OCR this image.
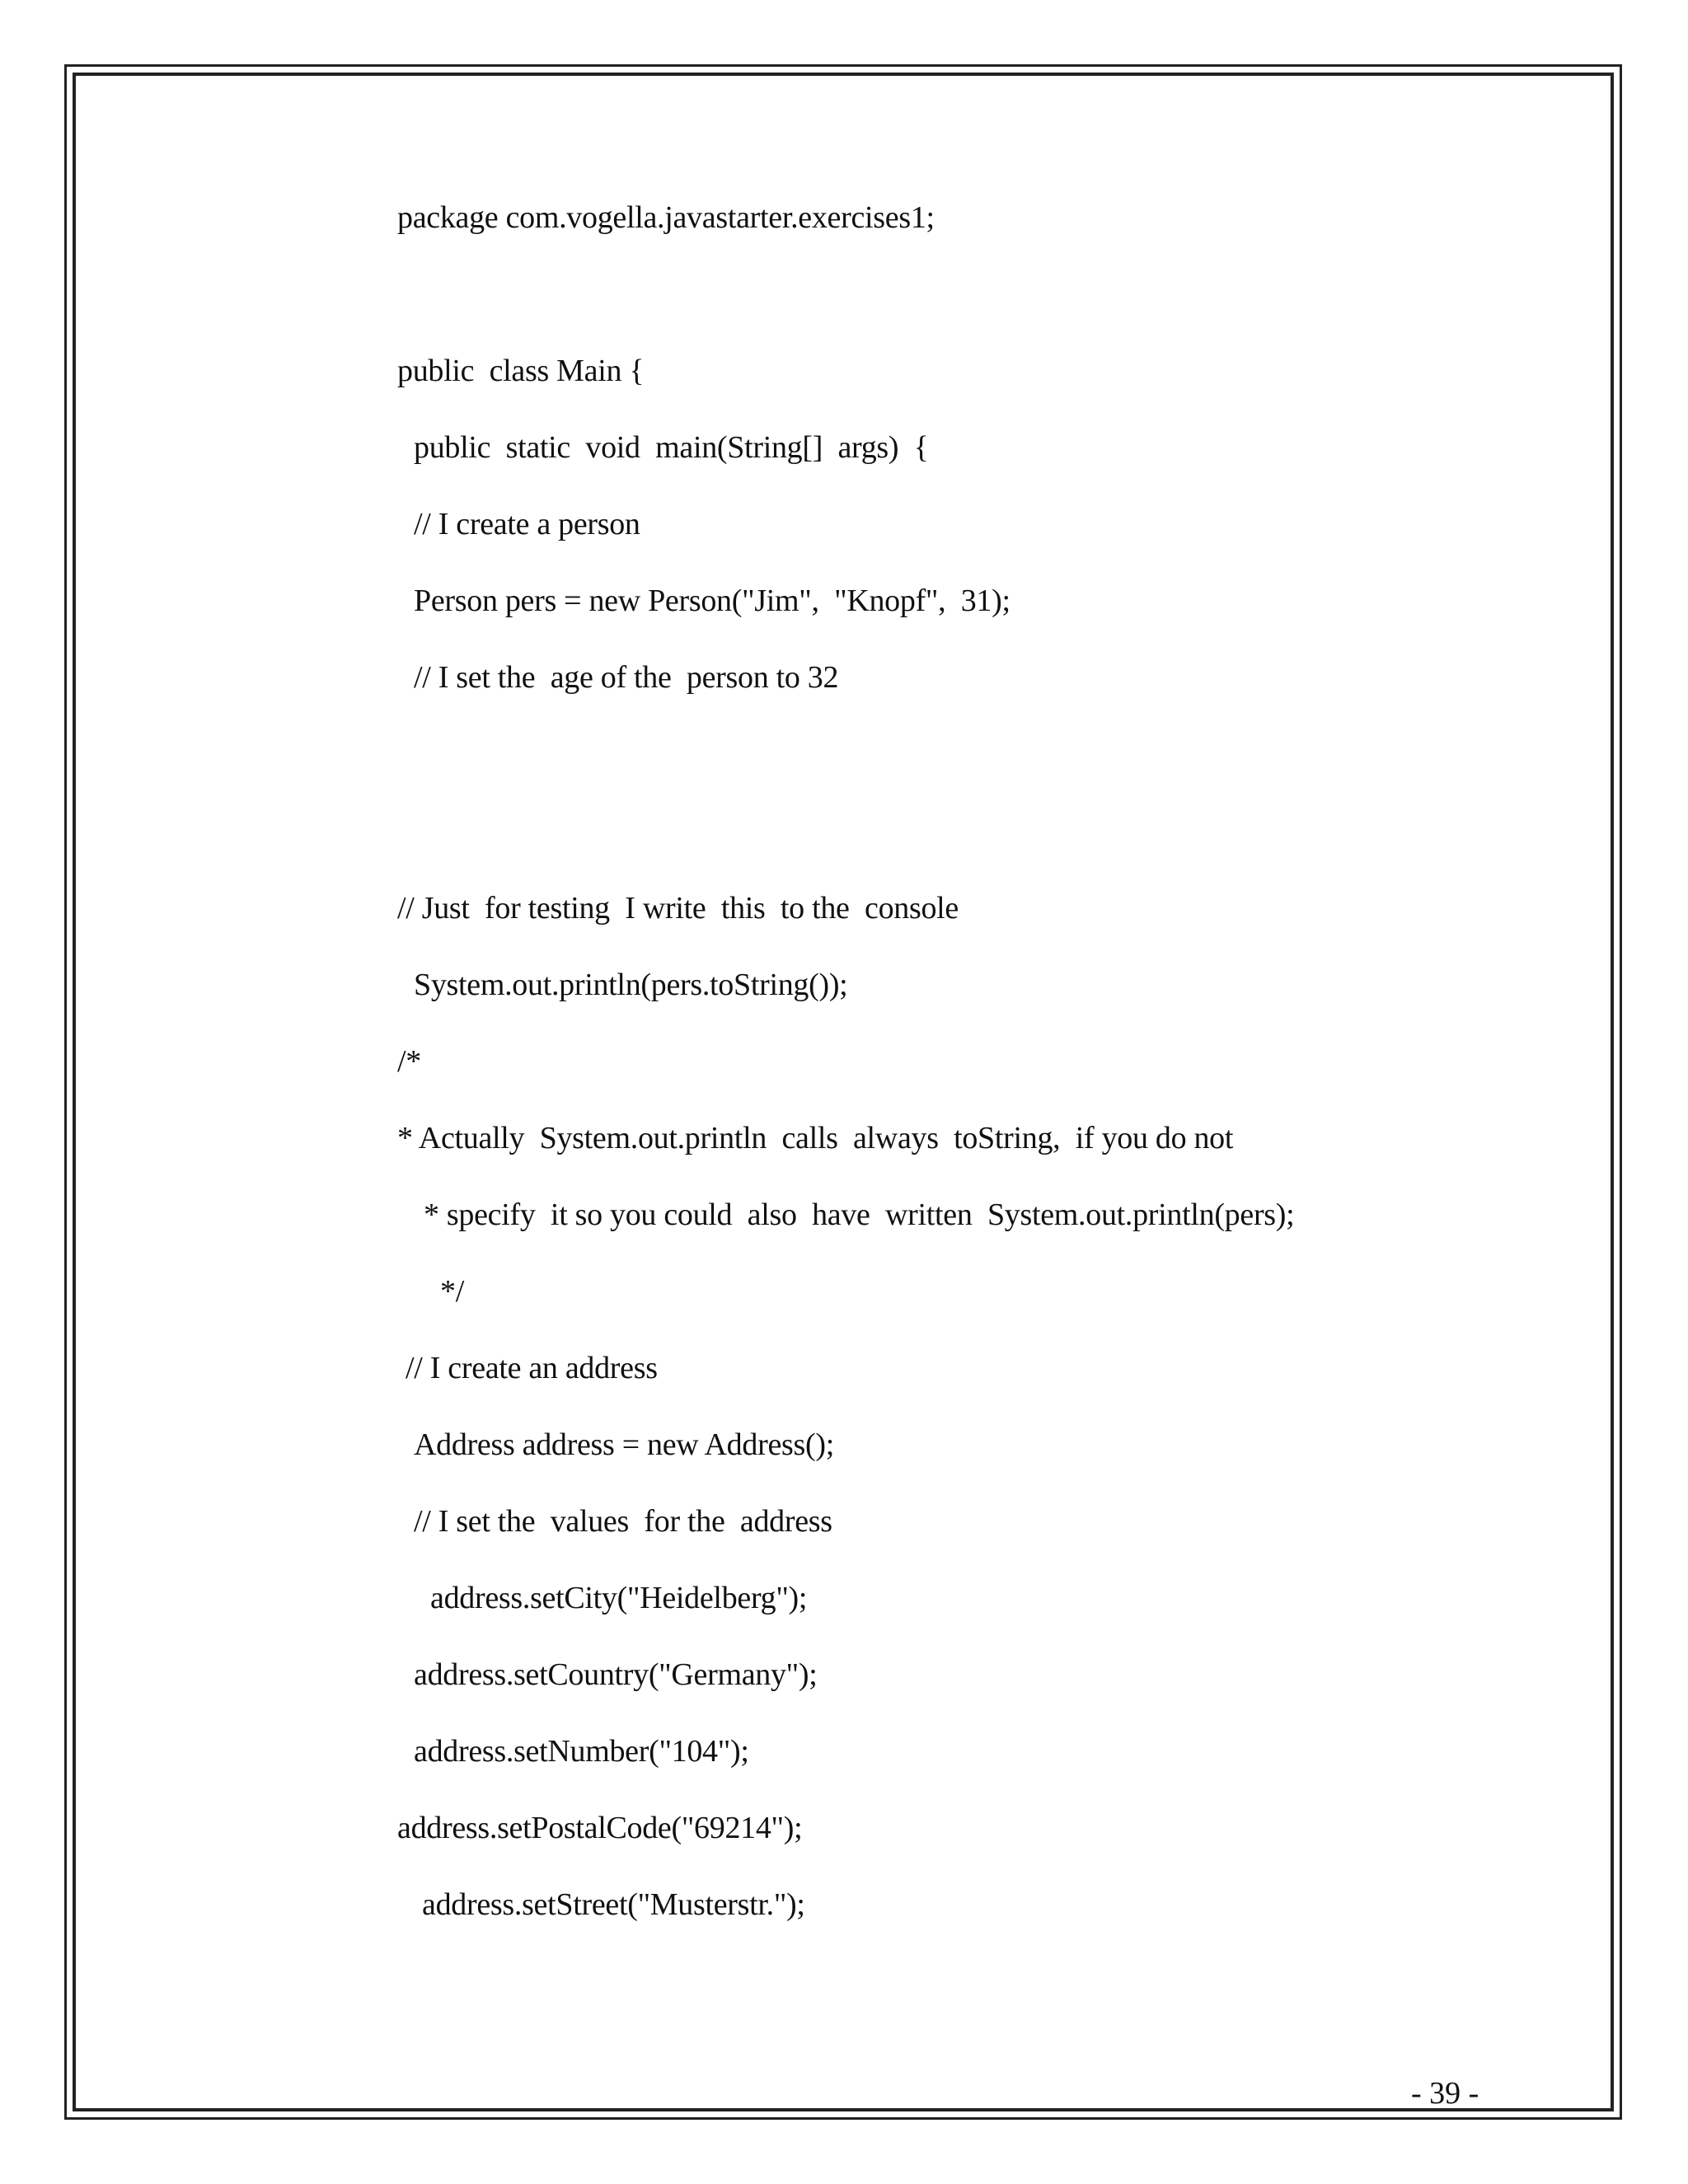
package com.vogella.javastarter.exercises1;
public  class Main {
public  static  void  main(String[]  args)  {
// I create a person
Person pers = new Person("Jim",  "Knopf",  31);
// I set the  age of the  person to 32
// Just  for testing  I write  this  to the  console
System.out.println(pers.toString());
/*
* Actually  System.out.println  calls  always  toString,  if you do not
* specify  it so you could  also  have  written  System.out.println(pers);
*/
// I create an address
Address address = new Address();
// I set the  values  for the  address
address.setCity("Heidelberg");
address.setCountry("Germany");
address.setNumber("104");
address.setPostalCode("69214");
address.setStreet("Musterstr.");
- 39 -
